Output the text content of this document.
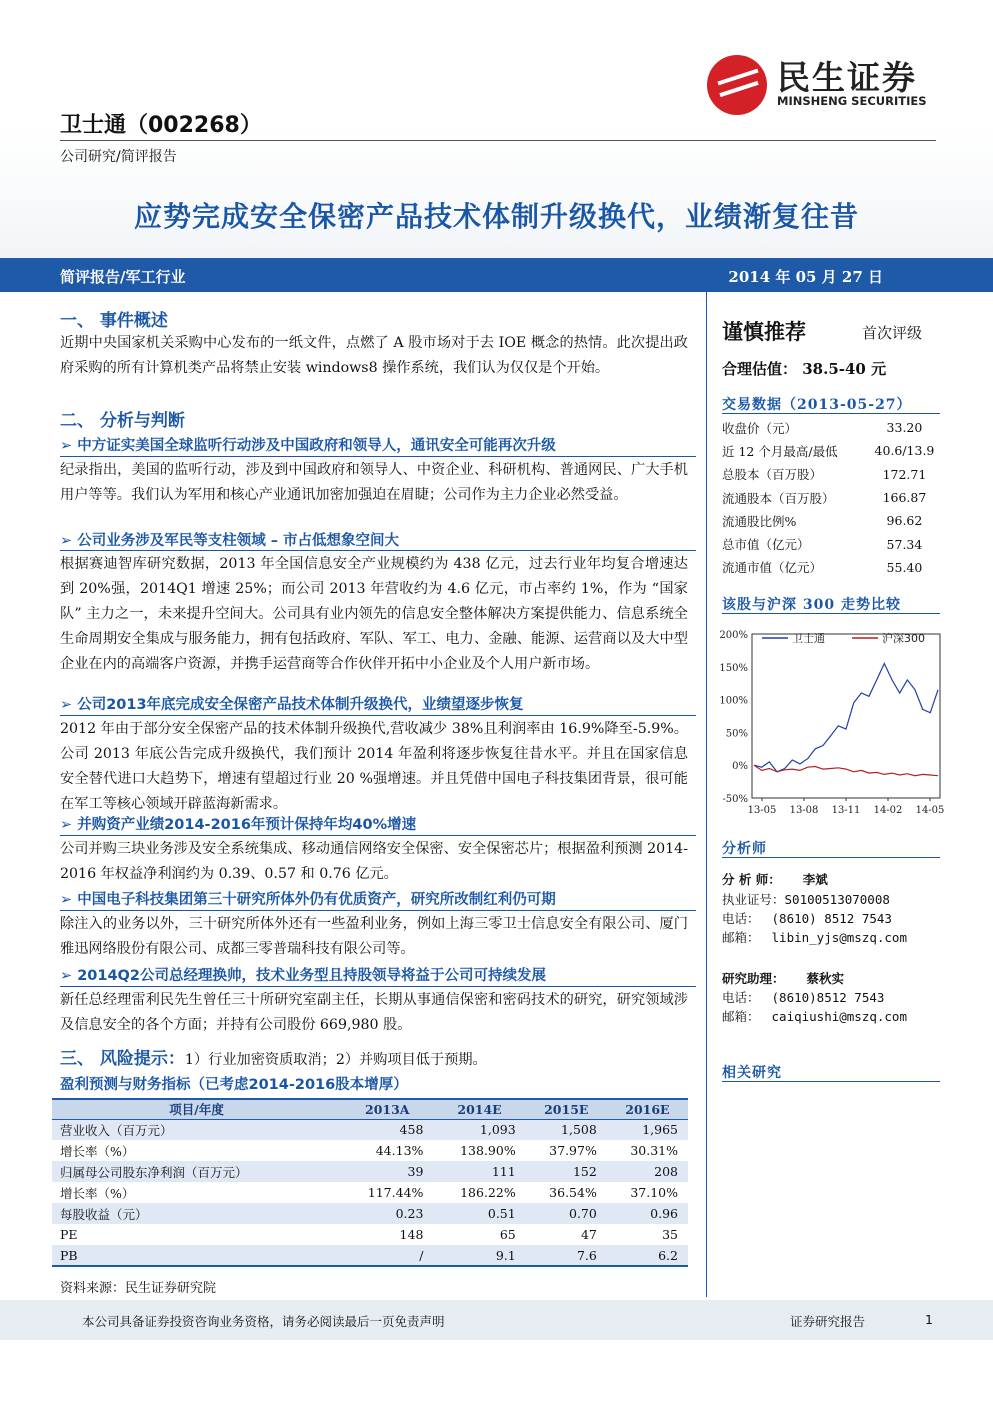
民生证券
MINSHENG SECURITIES
卫士通（002268）
公司研究/简评报告
应势完成安全保密产品技术体制升级换代，业绩渐复往昔
简评报告/军工行业	2014 年 05 月 27 日
一、 事件概述
近期中央国家机关采购中心发布的一纸文件，点燃了 A 股市场对于去 IOE 概念的热情。此次提出政府采购的所有计算机类产品将禁止安装 windows8 操作系统，我们认为仅仅是个开始。
二、 分析与判断
➢ 中方证实美国全球监听行动涉及中国政府和领导人，通讯安全可能再次升级
纪录指出，美国的监听行动，涉及到中国政府和领导人、中资企业、科研机构、普通网民、广大手机用户等等。我们认为军用和核心产业通讯加密加强迫在眉睫；公司作为主力企业必然受益。
➢ 公司业务涉及军民等支柱领域 – 市占低想象空间大
根据赛迪智库研究数据，2013 年全国信息安全产业规模约为 438 亿元，过去行业年均复合增速达到 20%强，2014Q1 增速 25%；而公司 2013 年营收约为 4.6 亿元，市占率约 1%，作为 “国家队” 主力之一，未来提升空间大。公司具有业内领先的信息安全整体解决方案提供能力、信息系统全生命周期安全集成与服务能力，拥有包括政府、军队、军工、电力、金融、能源、运营商以及大中型企业在内的高端客户资源，并携手运营商等合作伙伴开拓中小企业及个人用户新市场。
➢ 公司2013年底完成安全保密产品技术体制升级换代，业绩望逐步恢复
2012 年由于部分安全保密产品的技术体制升级换代,营收减少 38%且利润率由 16.9%降至-5.9%。公司 2013 年底公告完成升级换代，我们预计 2014 年盈利将逐步恢复往昔水平。并且在国家信息安全替代进口大趋势下，增速有望超过行业 20 %强增速。并且凭借中国电子科技集团背景，很可能在军工等核心领域开辟蓝海新需求。
➢ 并购资产业绩2014-2016年预计保持年均40%增速
公司并购三块业务涉及安全系统集成、移动通信网络安全保密、安全保密芯片；根据盈利预测 2014-2016 年权益净利润约为 0.39、0.57 和 0.76 亿元。
➢ 中国电子科技集团第三十研究所体外仍有优质资产，研究所改制红利仍可期
除注入的业务以外，三十研究所体外还有一些盈利业务，例如上海三零卫士信息安全有限公司、厦门雅迅网络股份有限公司、成都三零普瑞科技有限公司等。
➢ 2014Q2公司总经理换帅，技术业务型且持股领导将益于公司可持续发展
新任总经理雷利民先生曾任三十所研究室副主任，长期从事通信保密和密码技术的研究，研究领域涉及信息安全的各个方面；并持有公司股份 669,980 股。
三、 风险提示：1）行业加密资质取消；2）并购项目低于预期。
盈利预测与财务指标（已考虑2014-2016股本增厚）
项目/年度	2013A	2014E	2015E	2016E
营业收入（百万元）	458	1,093	1,508	1,965
增长率（%）	44.13%	138.90%	37.97%	30.31%
归属母公司股东净利润（百万元）	39	111	152	208
增长率（%）	117.44%	186.22%	36.54%	37.10%
每股收益（元）	0.23	0.51	0.70	0.96
PE	148	65	47	35
PB	/	9.1	7.6	6.2
资料来源：民生证券研究院
谨慎推荐	首次评级
合理估值： 38.5-40 元
交易数据（2013-05-27）
收盘价（元）	33.20
近 12 个月最高/最低	40.6/13.9
总股本（百万股）	172.71
流通股本（百万股）	166.87
流通股比例%	96.62
总市值（亿元）	57.34
流通市值（亿元）	55.40
该股与沪深 300 走势比较
200%
150%
100%
50%
0%
-50%
13-05 13-08 13-11 14-02 14-05
卫士通	沪深300
分析师
分 析 师： 李斌
执业证号：S0100513070008
电话： (8610) 8512 7543
邮箱： libin_yjs@mszq.com
研究助理： 蔡秋实
电话： (8610)8512 7543
邮箱： caiqiushi@mszq.com
相关研究
本公司具备证券投资咨询业务资格，请务必阅读最后一页免责声明	证券研究报告	1
